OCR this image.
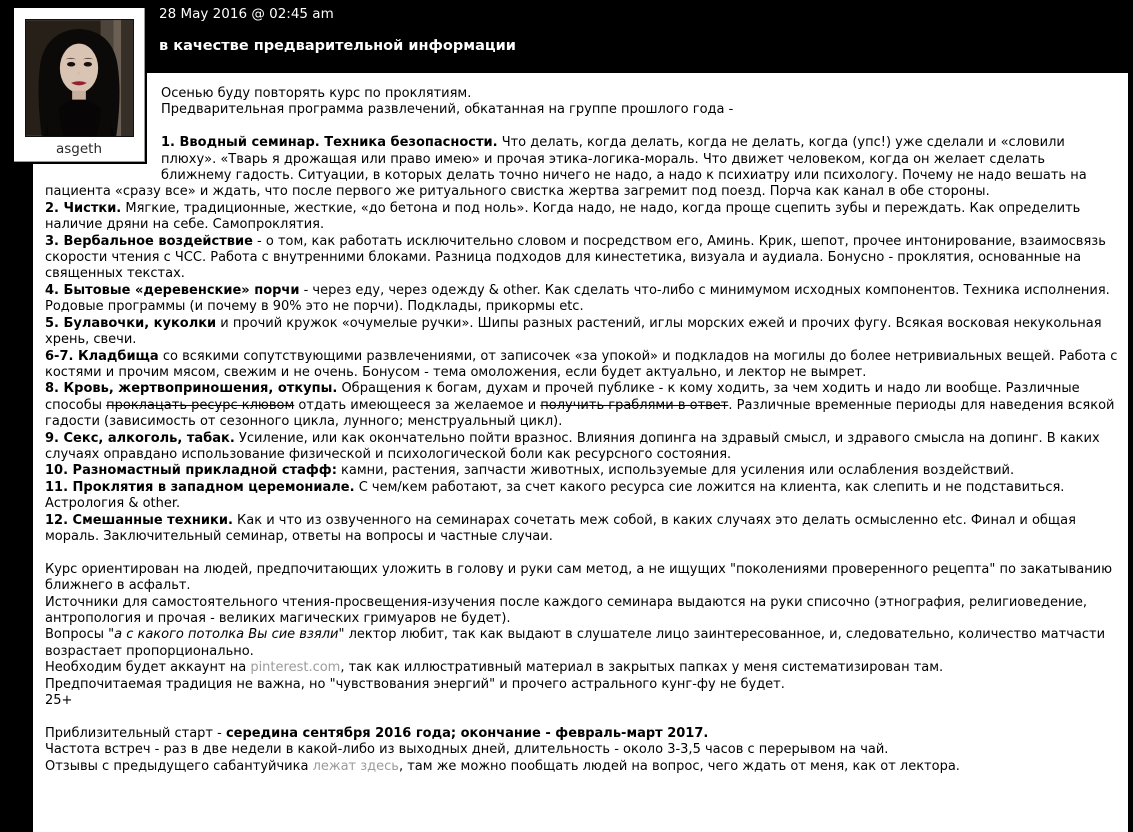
28 May 2016 @ 02:45 am
в качестве предварительной информации
Осенью буду повторять курс по проклятиям.
Предварительная программа развлечений, обкатанная на группе прошлого года -

1. Вводный семинар. Техника безопасности. Что делать, когда делать, когда не делать, когда (упс!) уже сделали и «словили плюху». «Тварь я дрожащая или право имею» и прочая этика-логика-мораль. Что движет человеком, когда он желает сделать ближнему гадость. Ситуации, в которых делать точно ничего не надо, а надо к психиатру или психологу. Почему не надо вешать на пациента «сразу все» и ждать, что после первого же ритуального свистка жертва загремит под поезд. Порча как канал в обе стороны.
2. Чистки. Мягкие, традиционные, жесткие, «до бетона и под ноль». Когда надо, не надо, когда проще сцепить зубы и переждать. Как определить наличие дряни на себе. Самопроклятия.
3. Вербальное воздействие - о том, как работать исключительно словом и посредством его, Аминь. Крик, шепот, прочее интонирование, взаимосвязь скорости чтения с ЧСС. Работа с внутренними блоками. Разница подходов для кинестетика, визуала и аудиала. Бонусно - проклятия, основанные на священных текстах.
4. Бытовые «деревенские» порчи - через еду, через одежду & other. Как сделать что-либо с минимумом исходных компонентов. Техника исполнения. Родовые программы (и почему в 90% это не порчи). Подклады, прикормы etc.
5. Булавочки, куколки и прочий кружок «очумелые ручки». Шипы разных растений, иглы морских ежей и прочих фугу. Всякая восковая некукольная хрень, свечи.
6-7. Кладбища со всякими сопутствующими развлечениями, от записочек «за упокой» и подкладов на могилы до более нетривиальных вещей. Работа с костями и прочим мясом, свежим и не очень. Бонусом - тема омоложения, если будет актуально, и лектор не вымрет.
8. Кровь, жертвоприношения, откупы. Обращения к богам, духам и прочей публике - к кому ходить, за чем ходить и надо ли вообще. Различные способы проклацать ресурс клювом отдать имеющееся за желаемое и получить граблями в ответ. Различные временные периоды для наведения всякой гадости (зависимость от сезонного цикла, лунного; менструальный цикл).
9. Секс, алкоголь, табак. Усиление, или как окончательно пойти вразнос. Влияния допинга на здравый смысл, и здравого смысла на допинг. В каких случаях оправдано использование физической и психологической боли как ресурсного состояния.
10. Разномастный прикладной стафф: камни, растения, запчасти животных, используемые для усиления или ослабления воздействий.
11. Проклятия в западном церемониале. С чем/кем работают, за счет какого ресурса сие ложится на клиента, как слепить и не подставиться. Астрология & other.
12. Смешанные техники. Как и что из озвученного на семинарах сочетать меж собой, в каких случаях это делать осмысленно etc. Финал и общая мораль. Заключительный семинар, ответы на вопросы и частные случаи.

Курс ориентирован на людей, предпочитающих уложить в голову и руки сам метод, а не ищущих "поколениями проверенного рецепта" по закатыванию ближнего в асфальт.
Источники для самостоятельного чтения-просвещения-изучения после каждого семинара выдаются на руки списочно (этнография, религиоведение, антропология и прочая - великих магических гримуаров не будет).
Вопросы "а с какого потолка Вы сие взяли" лектор любит, так как выдают в слушателе лицо заинтересованное, и, следовательно, количество матчасти возрастает пропорционально.
Необходим будет аккаунт на pinterest.com, так как иллюстративный материал в закрытых папках у меня систематизирован там.
Предпочитаемая традиция не важна, но "чувствования энергий" и прочего астрального кунг-фу не будет.
25+

Приблизительный старт - середина сентября 2016 года; окончание - февраль-март 2017.
Частота встреч - раз в две недели в какой-либо из выходных дней, длительность - около 3-3,5 часов с перерывом на чай.
Отзывы с предыдущего сабантуйчика лежат здесь, там же можно пообщать людей на вопрос, чего ждать от меня, как от лектора.
asgeth
